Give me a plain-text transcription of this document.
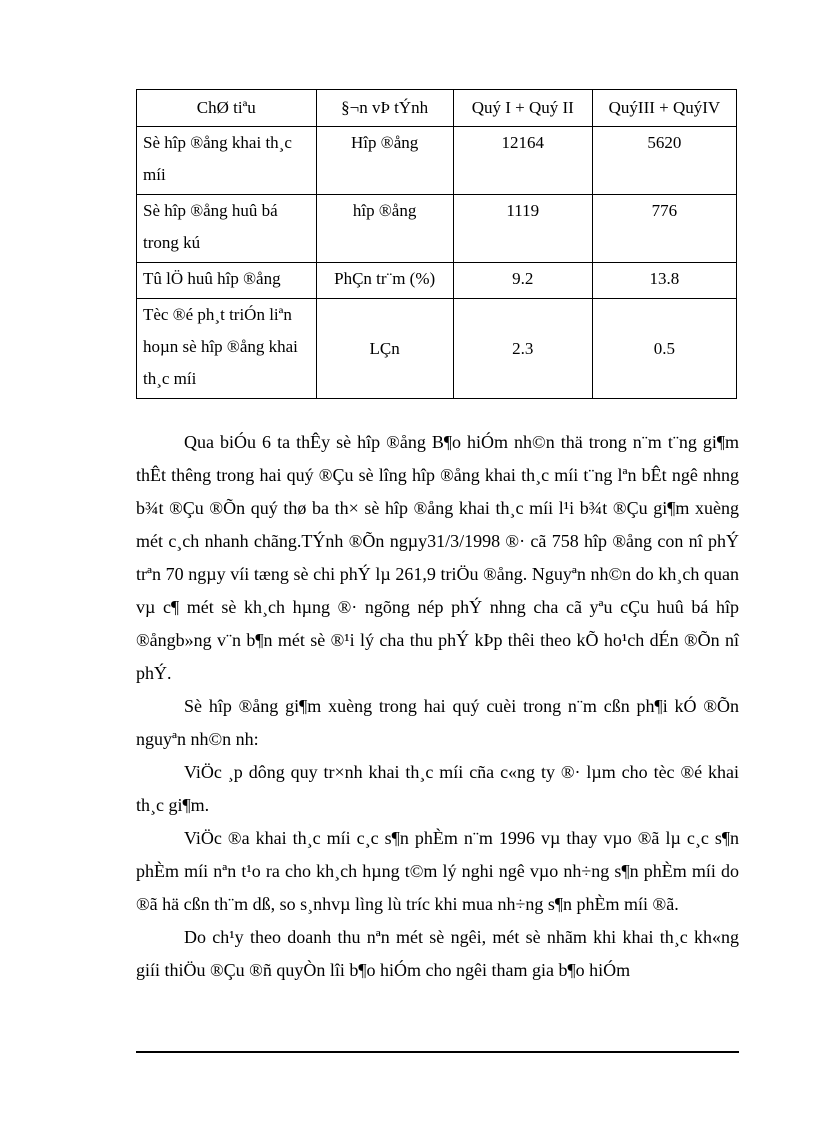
ChØ tiªu	§¬n vÞ tÝnh	Quý I + Quý II	QuýIII + QuýIV
Sè hîp ®ång khai th¸c míi	Hîp ®ång	12164	5620
Sè hîp ®ång huû bá trong kú	hîp ®ång	1119	776
Tû lÖ huû hîp ®ång	PhÇn tr¨m (%)	9.2	13.8
Tèc ®é ph¸t triÓn liªn hoµn sè hîp ®ång khai th¸c míi	LÇn	2.3	0.5

Qua biÓu 6 ta thÊy sè hîp ®ång B¶o hiÓm nh©n thä trong n¨m t¨ng gi¶m thÊt thêng trong hai quý ®Çu sè lîng hîp ®ång khai th¸c míi t¨ng lªn bÊt ngê nhng b¾t ®Çu ®Õn quý thø ba th× sè hîp ®ång khai th¸c míi l¹i b¾t ®Çu gi¶m xuèng mét c¸ch nhanh chãng.TÝnh ®Õn ngµy31/3/1998 ®· cã 758 hîp ®ång con nî phÝ trªn 70 ngµy víi tæng sè chi phÝ lµ 261,9 triÖu ®ång. Nguyªn nh©n do kh¸ch quan vµ c¶ mét sè kh¸ch hµng ®· ngõng nép phÝ nhng cha cã yªu cÇu huû bá hîp ®ångb»ng v¨n b¶n mét sè ®¹i lý cha thu phÝ kÞp thêi theo kÕ ho¹ch dÉn ®Õn nî phÝ.

Sè hîp ®ång gi¶m xuèng trong hai quý cuèi trong n¨m cßn ph¶i kÓ ®Õn nguyªn nh©n nh:

ViÖc ¸p dông quy tr×nh khai th¸c míi cña c«ng ty ®· lµm cho tèc ®é khai th¸c gi¶m.

ViÖc ®a khai th¸c míi c¸c s¶n phÈm n¨m 1996 vµ thay vµo ®ã lµ c¸c s¶n phÈm míi nªn t¹o ra cho kh¸ch hµng t©m lý nghi ngê vµo nh÷ng s¶n phÈm míi do ®ã hä cßn th¨m dß, so s¸nhvµ lìng lù tríc khi mua nh÷ng s¶n phÈm míi ®ã.

Do ch¹y theo doanh thu nªn mét sè ngêi, mét sè nhãm khi khai th¸c kh«ng giíi thiÖu ®Çu ®ñ quyÒn lîi b¶o hiÓm cho ngêi tham gia b¶o hiÓm
